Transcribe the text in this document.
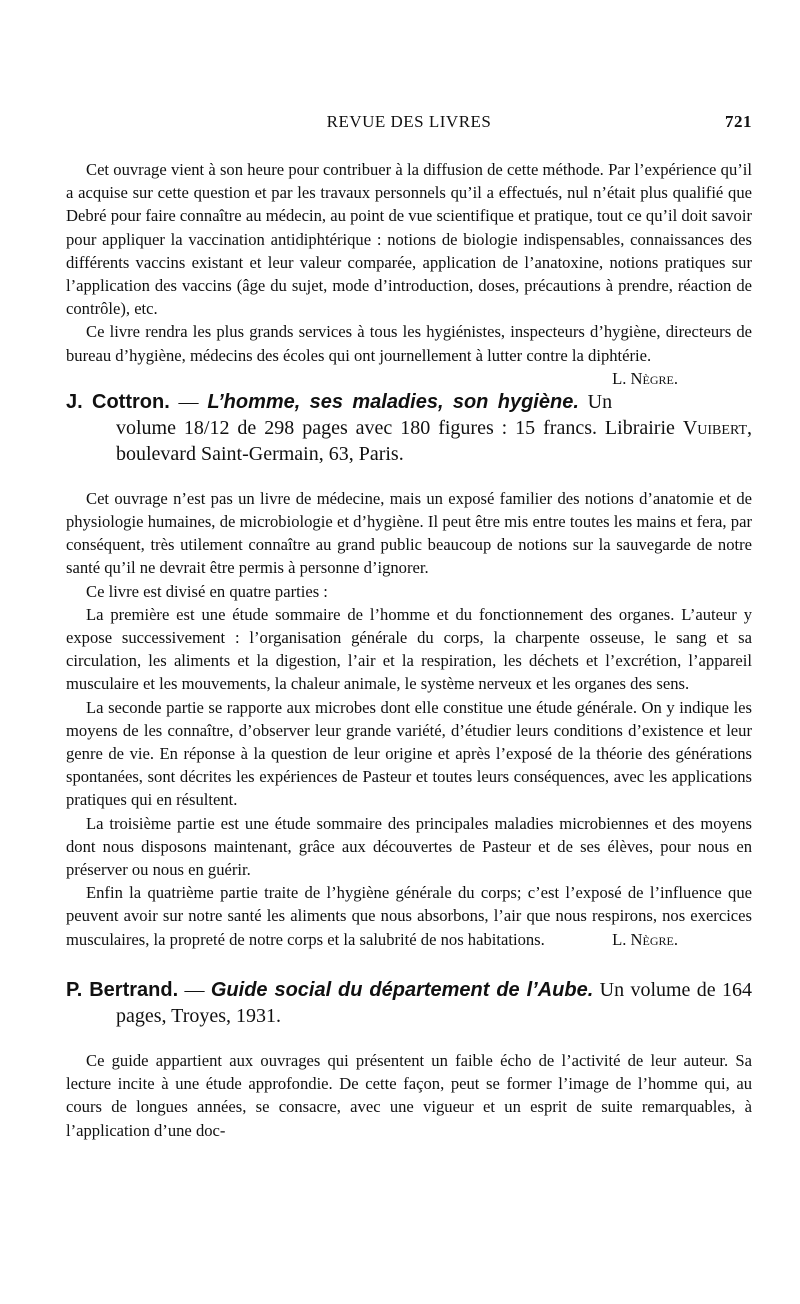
REVUE DES LIVRES	721

Cet ouvrage vient à son heure pour contribuer à la diffusion de cette méthode. Par l’expérience qu’il a acquise sur cette question et par les travaux personnels qu’il a effectués, nul n’était plus qualifié que Debré pour faire connaître au médecin, au point de vue scientifique et pratique, tout ce qu’il doit savoir pour appliquer la vaccination antidiphtérique : notions de biologie indispensables, connaissances des différents vaccins existant et leur valeur comparée, application de l’anatoxine, notions pratiques sur l’application des vaccins (âge du sujet, mode d’introduction, doses, précautions à prendre, réaction de contrôle), etc.

Ce livre rendra les plus grands services à tous les hygiénistes, inspecteurs d’hygiène, directeurs de bureau d’hygiène, médecins des écoles qui ont journellement à lutter contre la diphtérie.
L. Nègre.

J. Cottron. — L’homme, ses maladies, son hygiène. Un volume 18/12 de 298 pages avec 180 figures : 15 francs. Librairie Vuibert, boulevard Saint-Germain, 63, Paris.

Cet ouvrage n’est pas un livre de médecine, mais un exposé familier des notions d’anatomie et de physiologie humaines, de microbiologie et d’hygiène. Il peut être mis entre toutes les mains et fera, par conséquent, très utilement connaître au grand public beaucoup de notions sur la sauvegarde de notre santé qu’il ne devrait être permis à personne d’ignorer.

Ce livre est divisé en quatre parties :

La première est une étude sommaire de l’homme et du fonctionnement des organes. L’auteur y expose successivement : l’organisation générale du corps, la charpente osseuse, le sang et sa circulation, les aliments et la digestion, l’air et la respiration, les déchets et l’excrétion, l’appareil musculaire et les mouvements, la chaleur animale, le système nerveux et les organes des sens.

La seconde partie se rapporte aux microbes dont elle constitue une étude générale. On y indique les moyens de les connaître, d’observer leur grande variété, d’étudier leurs conditions d’existence et leur genre de vie. En réponse à la question de leur origine et après l’exposé de la théorie des générations spontanées, sont décrites les expériences de Pasteur et toutes leurs conséquences, avec les applications pratiques qui en résultent.

La troisième partie est une étude sommaire des principales maladies microbiennes et des moyens dont nous disposons maintenant, grâce aux découvertes de Pasteur et de ses élèves, pour nous en préserver ou nous en guérir.

Enfin la quatrième partie traite de l’hygiène générale du corps; c’est l’exposé de l’influence que peuvent avoir sur notre santé les aliments que nous absorbons, l’air que nous respirons, nos exercices musculaires, la propreté de notre corps et la salubrité de nos habitations.	L. Nègre.

P. Bertrand. — Guide social du département de l’Aube. Un volume de 164 pages, Troyes, 1931.

Ce guide appartient aux ouvrages qui présentent un faible écho de l’activité de leur auteur. Sa lecture incite à une étude approfondie. De cette façon, peut se former l’image de l’homme qui, au cours de longues années, se consacre, avec une vigueur et un esprit de suite remarquables, à l’application d’une doc-
